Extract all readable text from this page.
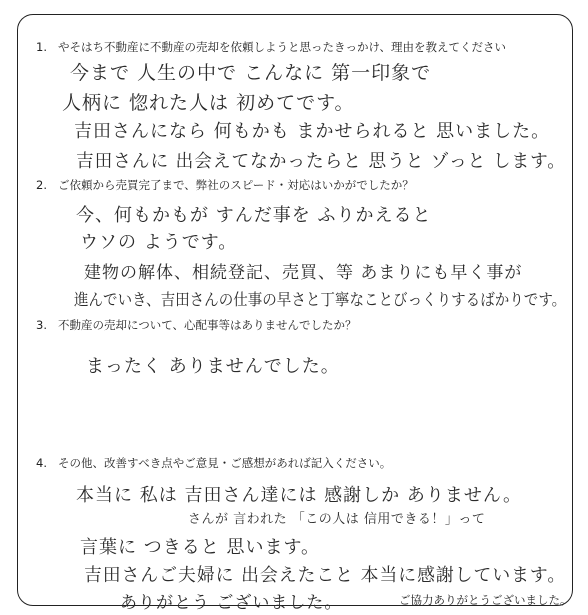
1. やそはち不動産に不動産の売却を依頼しようと思ったきっかけ、理由を教えてください
今まで 人生の中で こんなに 第一印象で
人柄に 惚れた人は 初めてです。
吉田さんになら 何もかも まかせられると 思いました。
吉田さんに 出会えてなかったらと 思うと ゾっと します。
2. ご依頼から売買完了まで、弊社のスピード・対応はいかがでしたか？
今、何もかもが すんだ事を ふりかえると
ウソの ようです。
建物の解体、相続登記、売買、等 あまりにも早く事が
進んでいき、吉田さんの仕事の早さと丁寧なことびっくりするばかりです。
3. 不動産の売却について、心配事等はありませんでしたか？
まったく ありませんでした。
4. その他、改善すべき点やご意見・ご感想があれば記入ください。
本当に 私は 吉田さん達には 感謝しか ありません。
さんが 言われた 「この人は 信用できる！」って
言葉に つきると 思います。
吉田さんご夫婦に 出会えたこと 本当に感謝しています。
ありがとう ございました。	ご協力ありがとうございました。
